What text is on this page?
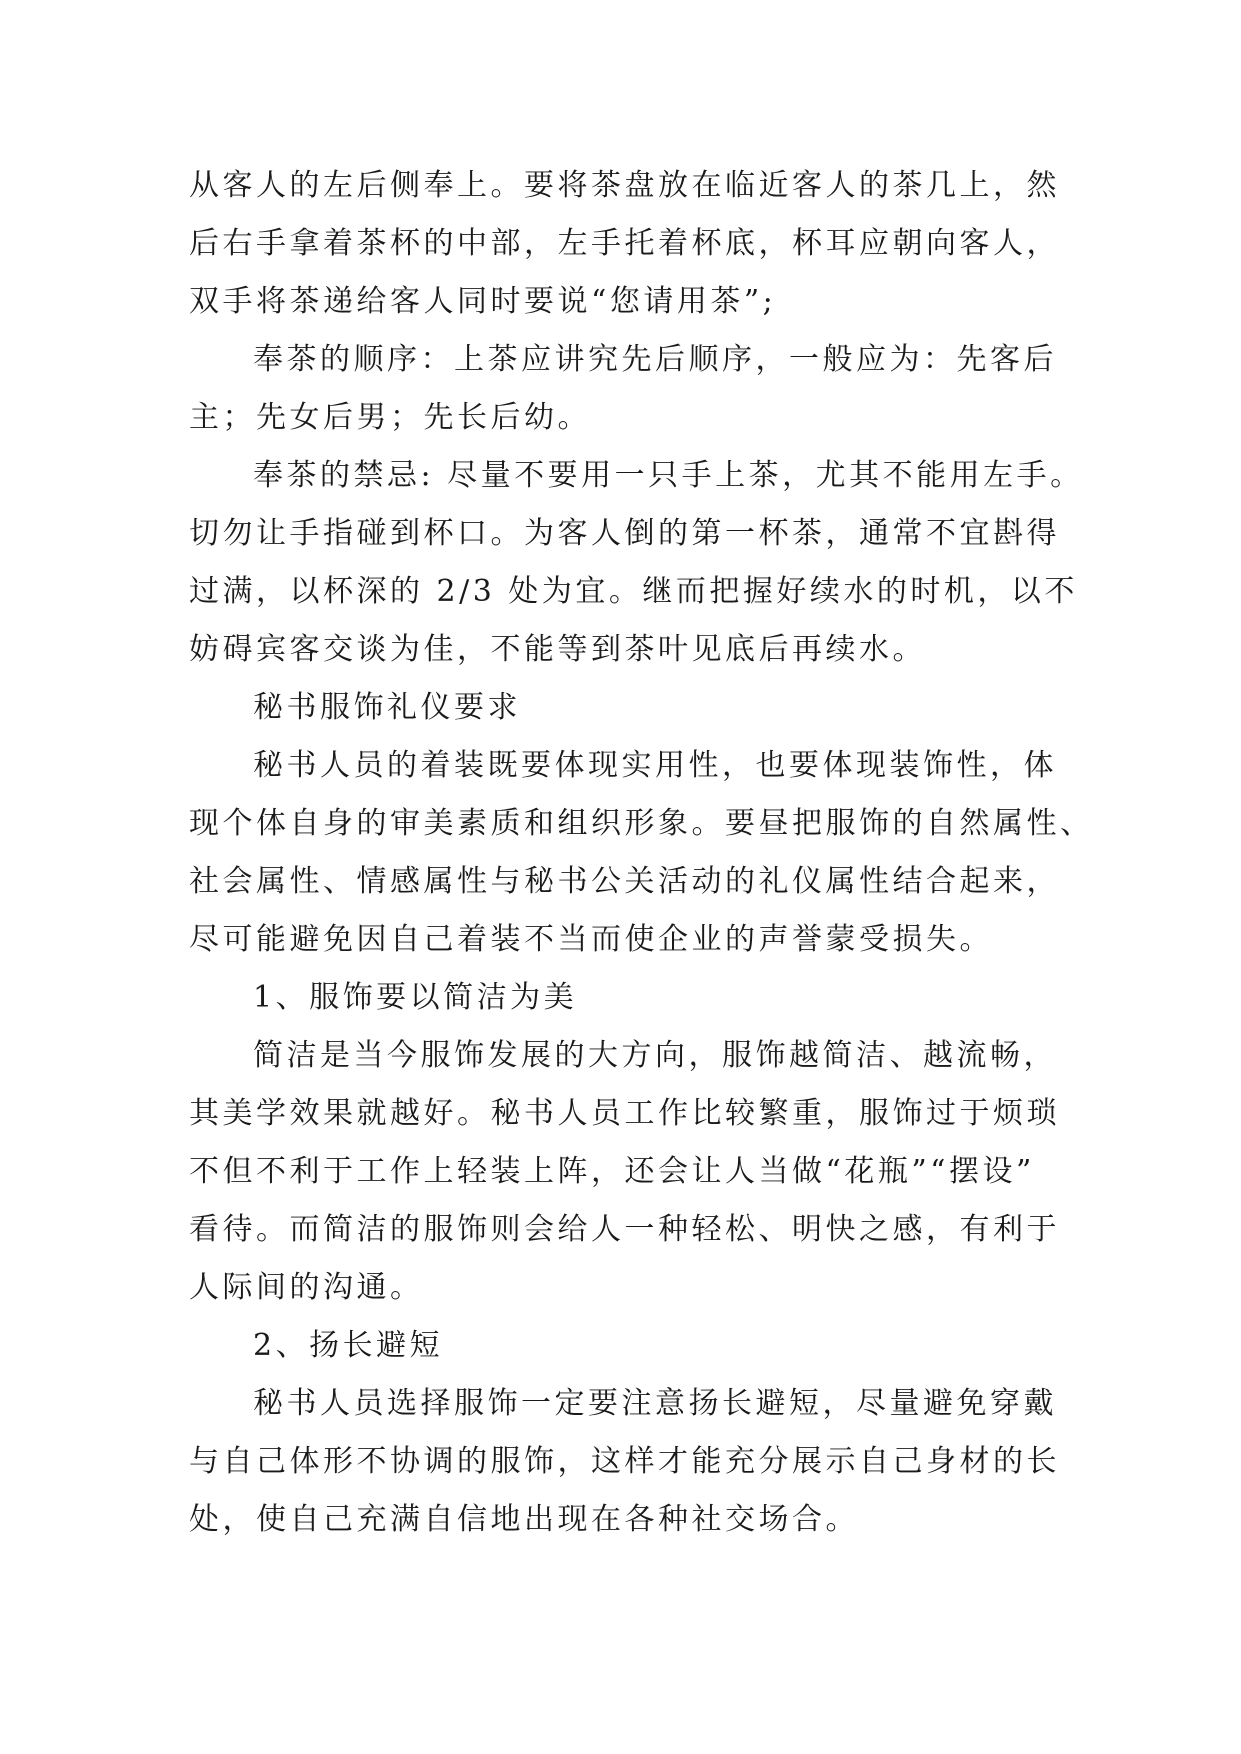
从客人的左后侧奉上。要将茶盘放在临近客人的茶几上，然
后右手拿着茶杯的中部，左手托着杯底，杯耳应朝向客人，
双手将茶递给客人同时要说“您请用茶”;
奉茶的顺序：上茶应讲究先后顺序，一般应为：先客后
主；先女后男；先长后幼。
奉茶的禁忌: 尽量不要用一只手上茶，尤其不能用左手。
切勿让手指碰到杯口。为客人倒的第一杯茶，通常不宜斟得
过满，以杯深的 2/3 处为宜。继而把握好续水的时机，以不
妨碍宾客交谈为佳，不能等到茶叶见底后再续水。
秘书服饰礼仪要求
秘书人员的着装既要体现实用性，也要体现装饰性，体
现个体自身的审美素质和组织形象。要昼把服饰的自然属性、
社会属性、情感属性与秘书公关活动的礼仪属性结合起来，
尽可能避免因自己着装不当而使企业的声誉蒙受损失。
1、服饰要以简洁为美
简洁是当今服饰发展的大方向，服饰越简洁、越流畅，
其美学效果就越好。秘书人员工作比较繁重，服饰过于烦琐
不但不利于工作上轻装上阵，还会让人当做“花瓶”“摆设”
看待。而简洁的服饰则会给人一种轻松、明快之感，有利于
人际间的沟通。
2、扬长避短
秘书人员选择服饰一定要注意扬长避短，尽量避免穿戴
与自己体形不协调的服饰，这样才能充分展示自己身材的长
处，使自己充满自信地出现在各种社交场合。
